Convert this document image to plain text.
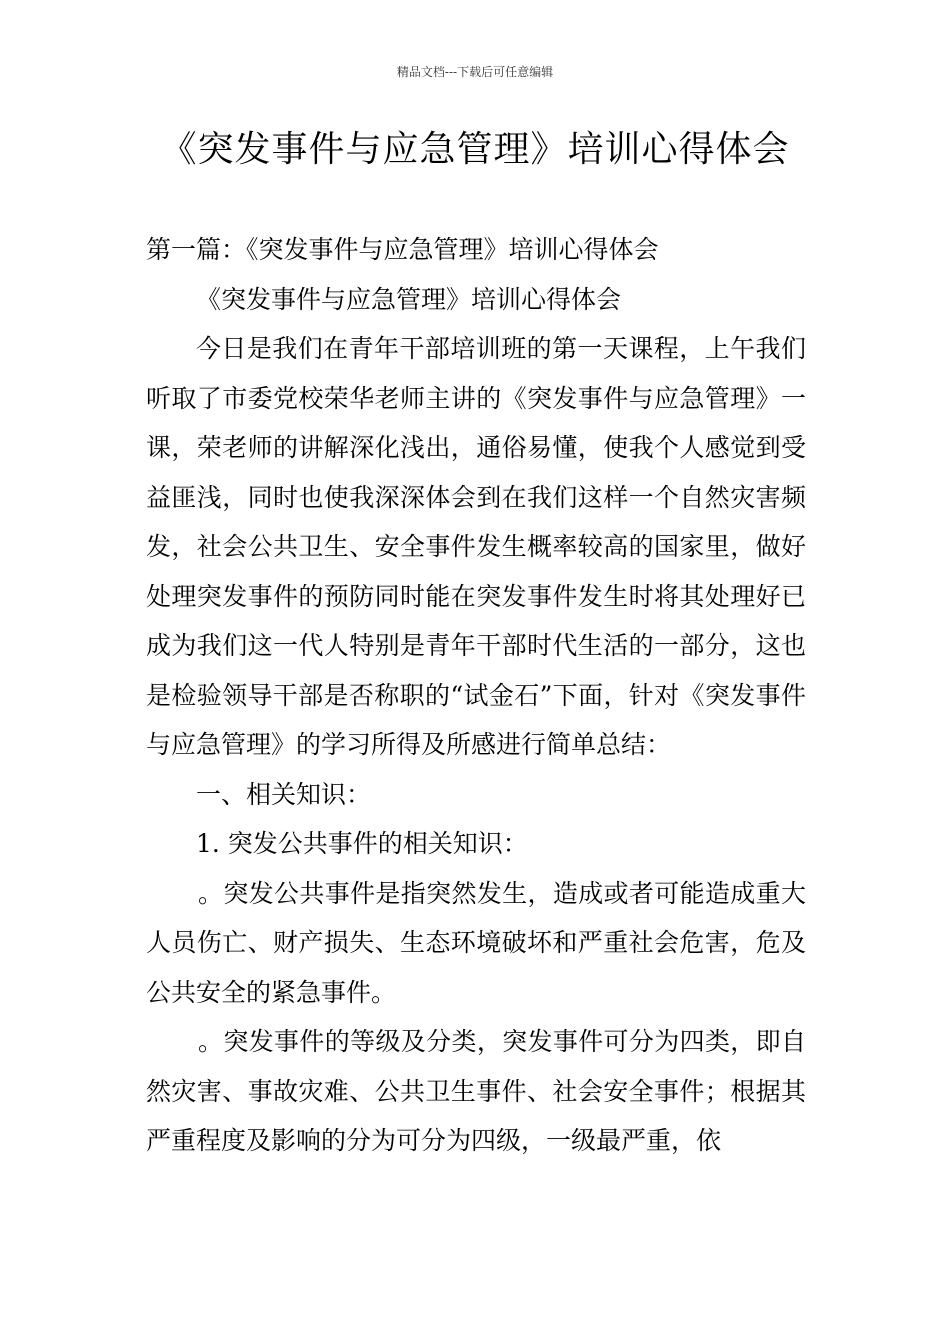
精品文档---下载后可任意编辑
《突发事件与应急管理》培训心得体会

第一篇：《突发事件与应急管理》培训心得体会

《突发事件与应急管理》培训心得体会

今日是我们在青年干部培训班的第一天课程，上午我们听取了市委党校荣华老师主讲的《突发事件与应急管理》一课，荣老师的讲解深化浅出，通俗易懂，使我个人感觉到受益匪浅，同时也使我深深体会到在我们这样一个自然灾害频发，社会公共卫生、安全事件发生概率较高的国家里，做好处理突发事件的预防同时能在突发事件发生时将其处理好已成为我们这一代人特别是青年干部时代生活的一部分，这也是检验领导干部是否称职的“试金石”下面，针对《突发事件与应急管理》的学习所得及所感进行简单总结：

一、相关知识：

1. 突发公共事件的相关知识：

。突发公共事件是指突然发生，造成或者可能造成重大人员伤亡、财产损失、生态环境破坏和严重社会危害，危及公共安全的紧急事件。

。突发事件的等级及分类，突发事件可分为四类，即自然灾害、事故灾难、公共卫生事件、社会安全事件；根据其严重程度及影响的分为可分为四级，一级最严重，依
